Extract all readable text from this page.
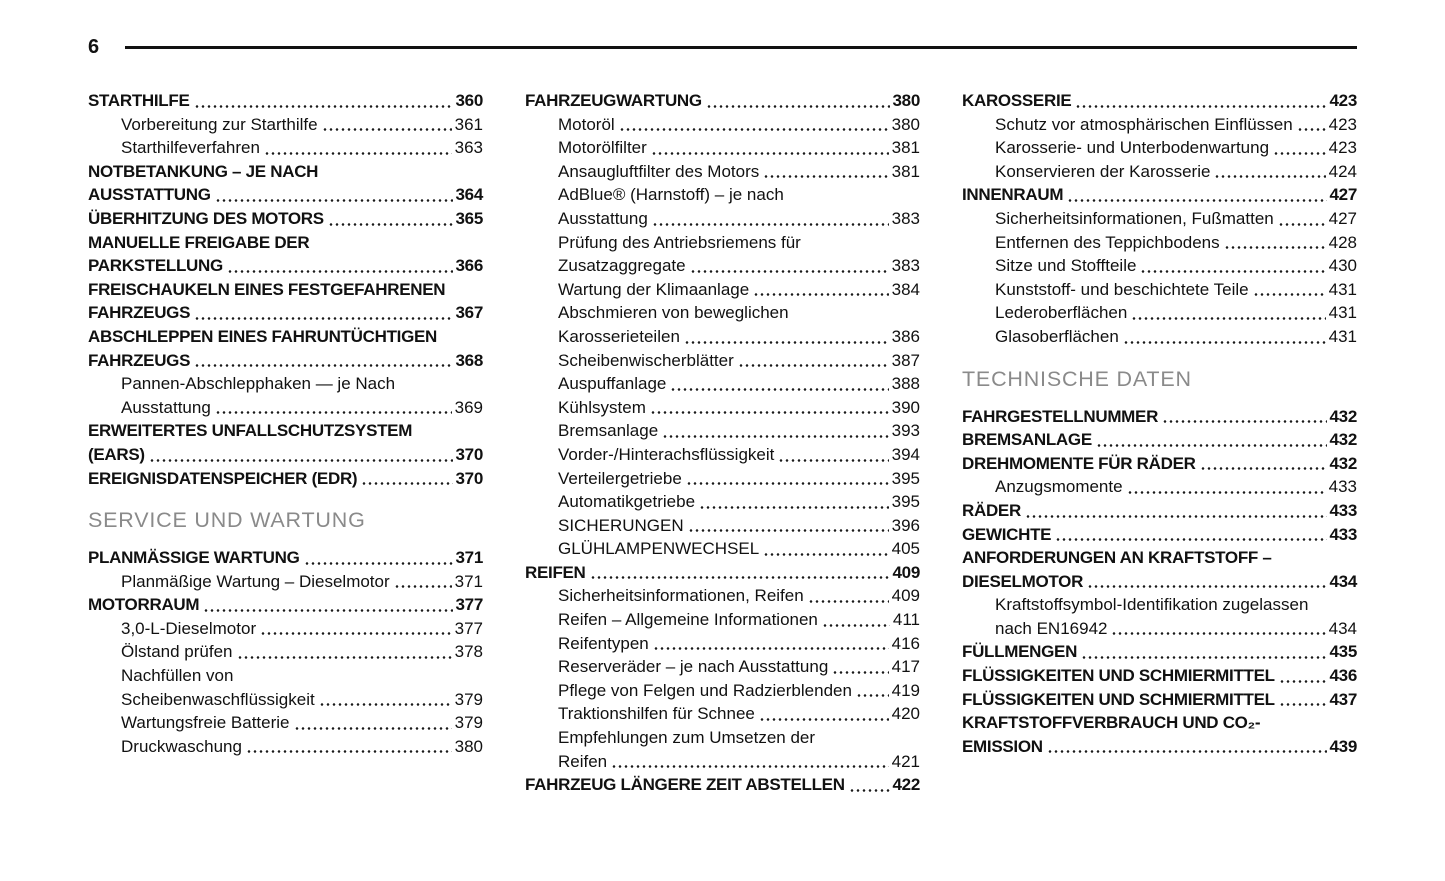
6
STARTHILFE	360
Vorbereitung zur Starthilfe	361
Starthilfeverfahren	363
NOTBETANKUNG – JE NACH
AUSSTATTUNG	364
ÜBERHITZUNG DES MOTORS	365
MANUELLE FREIGABE DER
PARKSTELLUNG	366
FREISCHAUKELN EINES FESTGEFAHRENEN
FAHRZEUGS	367
ABSCHLEPPEN EINES FAHRUNTÜCHTIGEN
FAHRZEUGS	368
Pannen-Abschlepphaken — je Nach
Ausstattung	369
ERWEITERTES UNFALLSCHUTZSYSTEM
(EARS)	370
EREIGNISDATENSPEICHER (EDR)	370
SERVICE UND WARTUNG
PLANMÄSSIGE WARTUNG	371
Planmäßige Wartung – Dieselmotor	371
MOTORRAUM	377
3,0-L-Dieselmotor	377
Ölstand prüfen	378
Nachfüllen von
Scheibenwaschflüssigkeit	379
Wartungsfreie Batterie	379
Druckwaschung	380
FAHRZEUGWARTUNG	380
Motoröl	380
Motorölfilter	381
Ansaugluftfilter des Motors	381
AdBlue® (Harnstoff) – je nach
Ausstattung	383
Prüfung des Antriebsriemens für
Zusatzaggregate	383
Wartung der Klimaanlage	384
Abschmieren von beweglichen
Karosserieteilen	386
Scheibenwischerblätter	387
Auspuffanlage	388
Kühlsystem	390
Bremsanlage	393
Vorder-/Hinterachsflüssigkeit	394
Verteilergetriebe	395
Automatikgetriebe	395
SICHERUNGEN	396
GLÜHLAMPENWECHSEL	405
REIFEN	409
Sicherheitsinformationen, Reifen	409
Reifen – Allgemeine Informationen	411
Reifentypen	416
Reserveräder – je nach Ausstattung	417
Pflege von Felgen und Radzierblenden 419
Traktionshilfen für Schnee	420
Empfehlungen zum Umsetzen der
Reifen	421
FAHRZEUG LÄNGERE ZEIT ABSTELLEN	422
KAROSSERIE	423
Schutz vor atmosphärischen Einflüssen 423
Karosserie- und Unterbodenwartung	423
Konservieren der Karosserie	424
INNENRAUM	427
Sicherheitsinformationen, Fußmatten	427
Entfernen des Teppichbodens	428
Sitze und Stoffteile	430
Kunststoff- und beschichtete Teile	431
Lederoberflächen	431
Glasoberflächen	431
TECHNISCHE DATEN
FAHRGESTELLNUMMER	432
BREMSANLAGE	432
DREHMOMENTE FÜR RÄDER	432
Anzugsmomente	433
RÄDER	433
GEWICHTE	433
ANFORDERUNGEN AN KRAFTSTOFF –
DIESELMOTOR	434
Kraftstoffsymbol-Identifikation zugelassen
nach EN16942	434
FÜLLMENGEN	435
FLÜSSIGKEITEN UND SCHMIERMITTEL	436
FLÜSSIGKEITEN UND SCHMIERMITTEL	437
KRAFTSTOFFVERBRAUCH UND CO₂-
EMISSION	439
